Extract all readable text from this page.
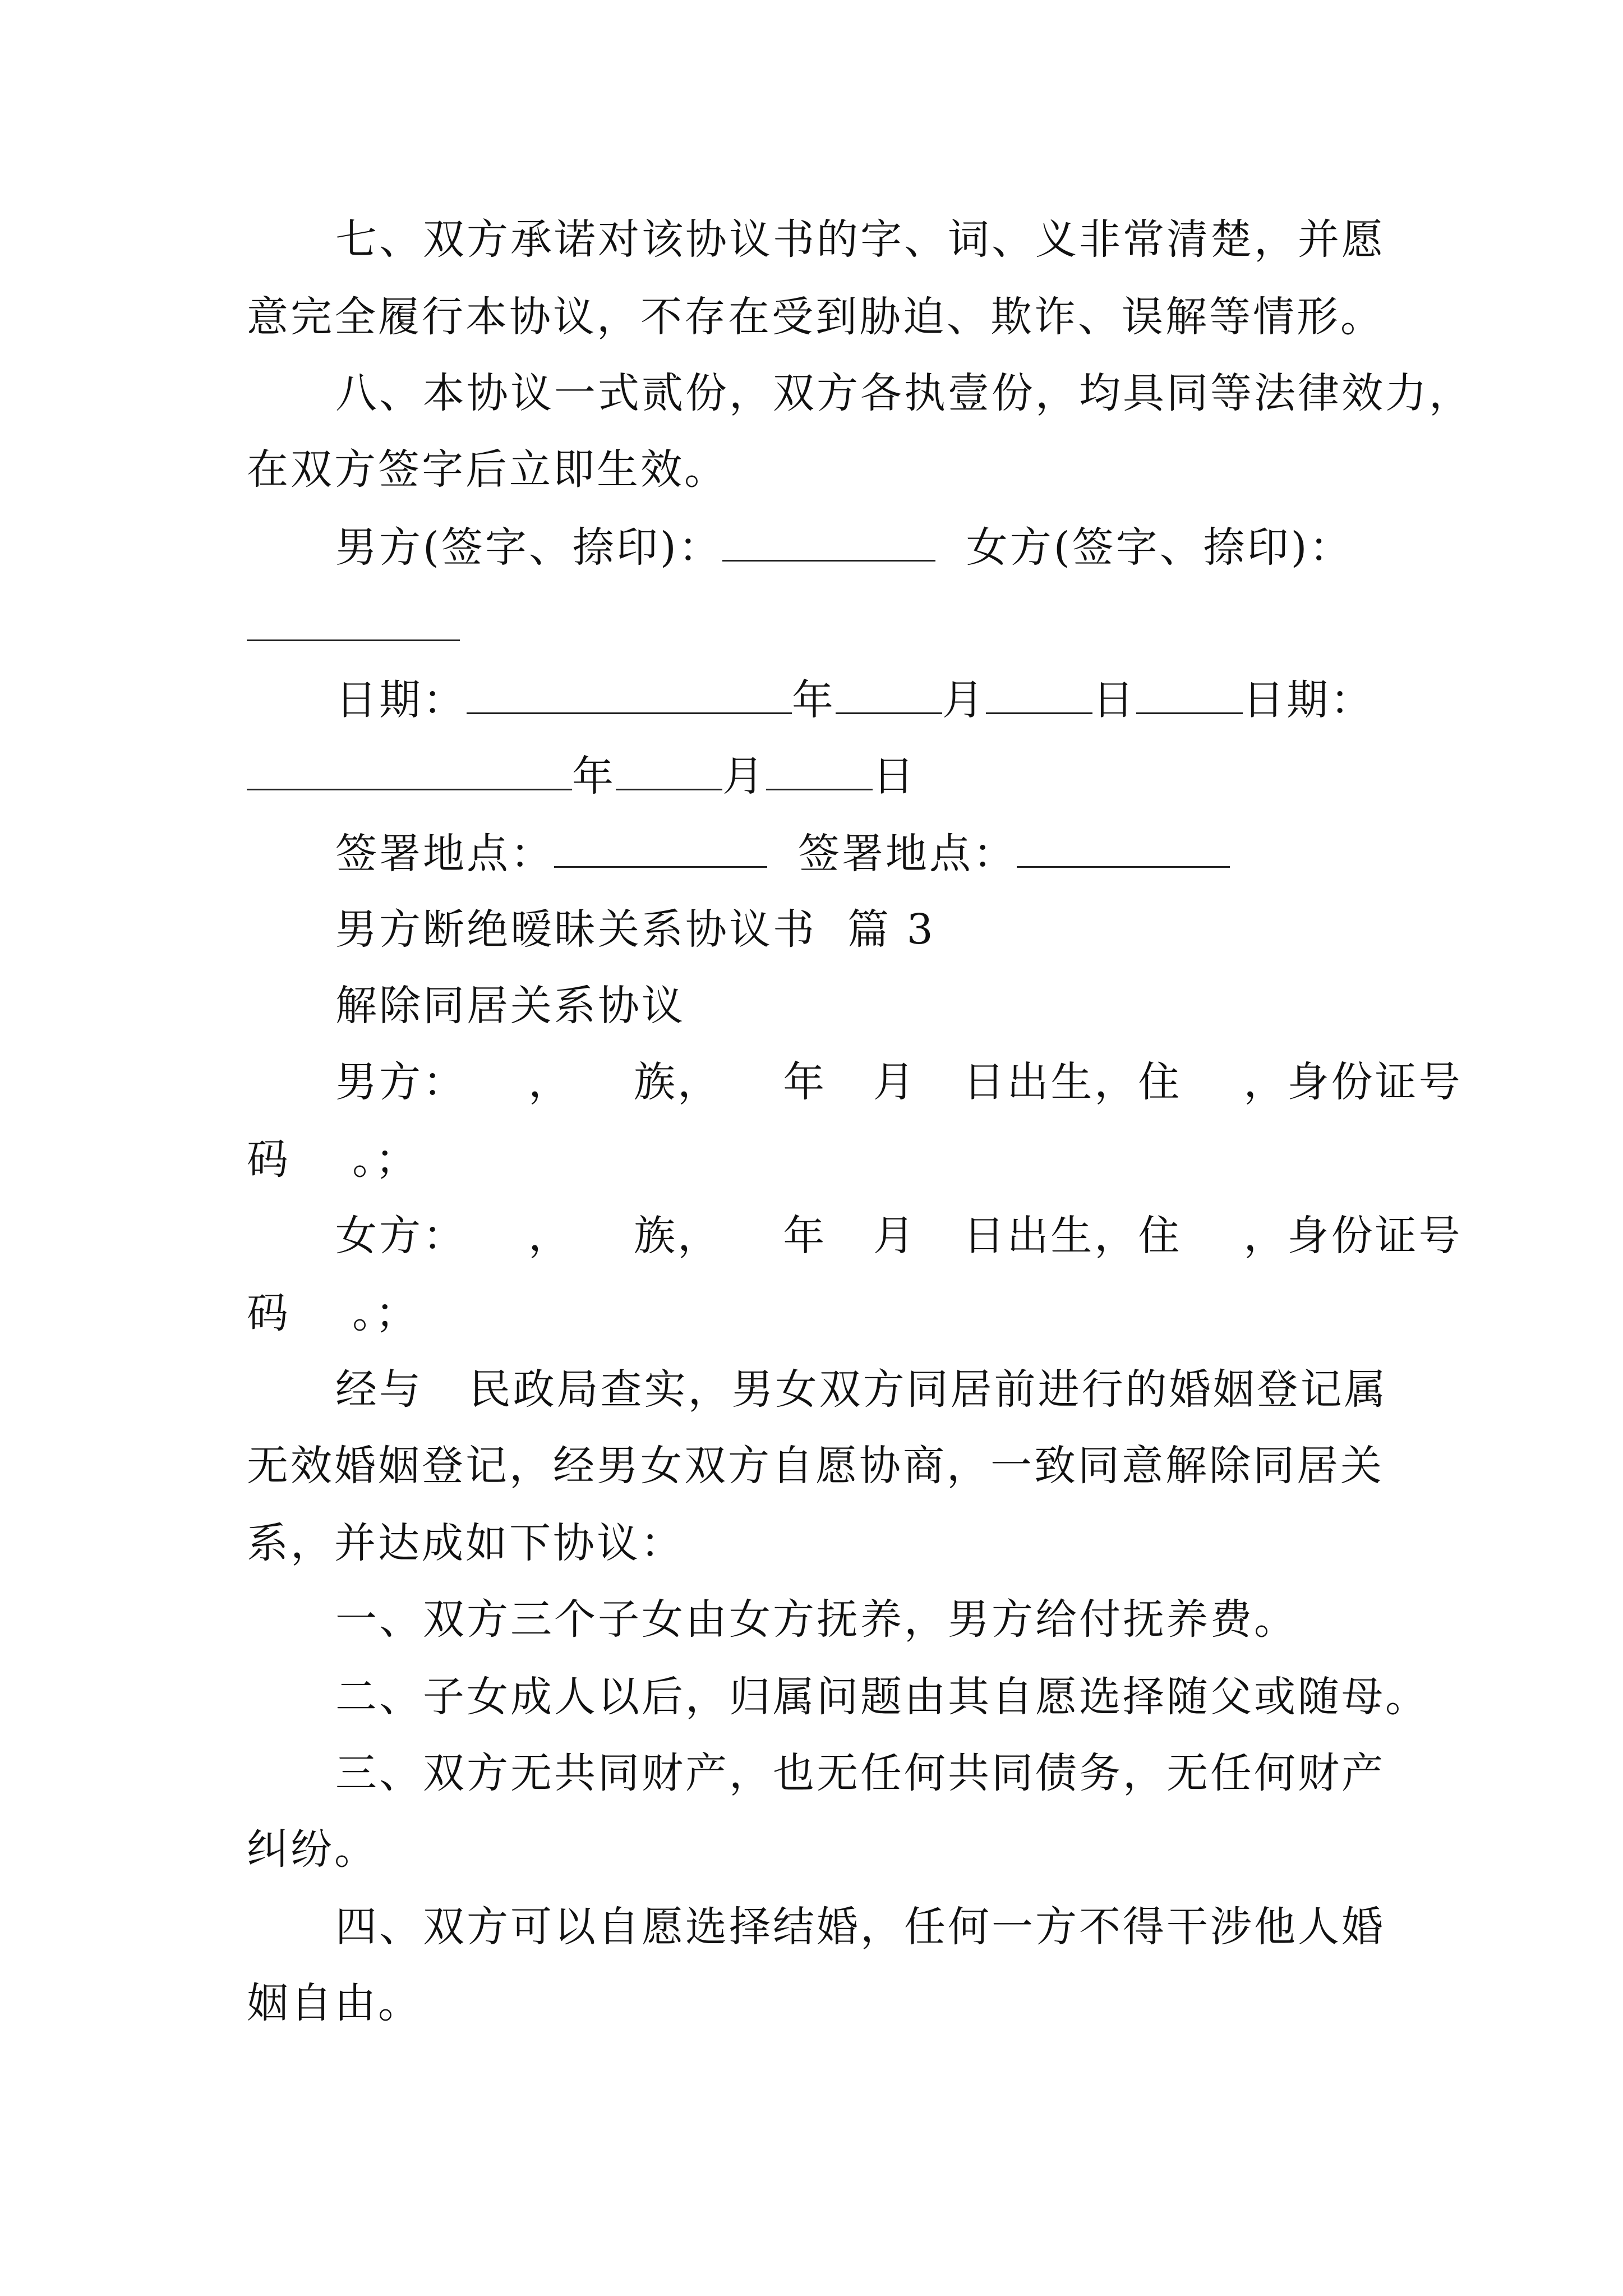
七、双方承诺对该协议书的字、词、义非常清楚，并愿
意完全履行本协议，不存在受到胁迫、欺诈、误解等情形。
八、本协议一式贰份，双方各执壹份，均具同等法律效力，
在双方签字后立即生效。
男方(签字、捺印)：	女方(签字、捺印)：
日期：	年	月	日	日期：
年	月	日
签署地点：	签署地点：
男方断绝暧昧关系协议书  篇 3
解除同居关系协议
男方：    ，    族，    年   月   日出生，住    ，身份证号
码    。；
女方：    ，    族，    年   月   日出生，住    ，身份证号
码    。；
经与   民政局查实，男女双方同居前进行的婚姻登记属
无效婚姻登记，经男女双方自愿协商，一致同意解除同居关
系，并达成如下协议：
一、双方三个子女由女方抚养，男方给付抚养费。
二、子女成人以后，归属问题由其自愿选择随父或随母。
三、双方无共同财产，也无任何共同债务，无任何财产
纠纷。
四、双方可以自愿选择结婚，任何一方不得干涉他人婚
姻自由。
